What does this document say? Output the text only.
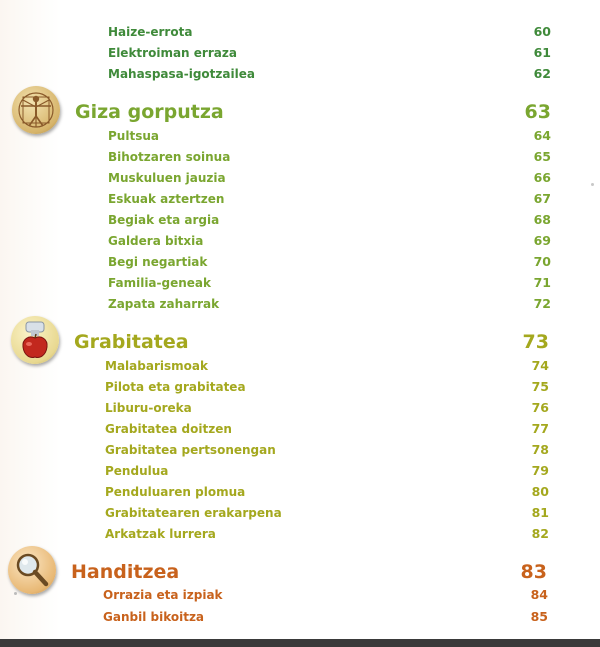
Haize-errota	60
Elektroiman erraza	61
Mahaspasa-igotzailea	62
Giza gorputza	63
Pultsua	64
Bihotzaren soinua	65
Muskuluen jauzia	66
Eskuak aztertzen	67
Begiak eta argia	68
Galdera bitxia	69
Begi negartiak	70
Familia-geneak	71
Zapata zaharrak	72
Grabitatea	73
Malabarismoak	74
Pilota eta grabitatea	75
Liburu-oreka	76
Grabitatea doitzen	77
Grabitatea pertsonengan	78
Pendulua	79
Penduluaren plomua	80
Grabitatearen erakarpena	81
Arkatzak lurrera	82
Handitzea	83
Orrazia eta izpiak	84
Ganbil bikoitza	85
